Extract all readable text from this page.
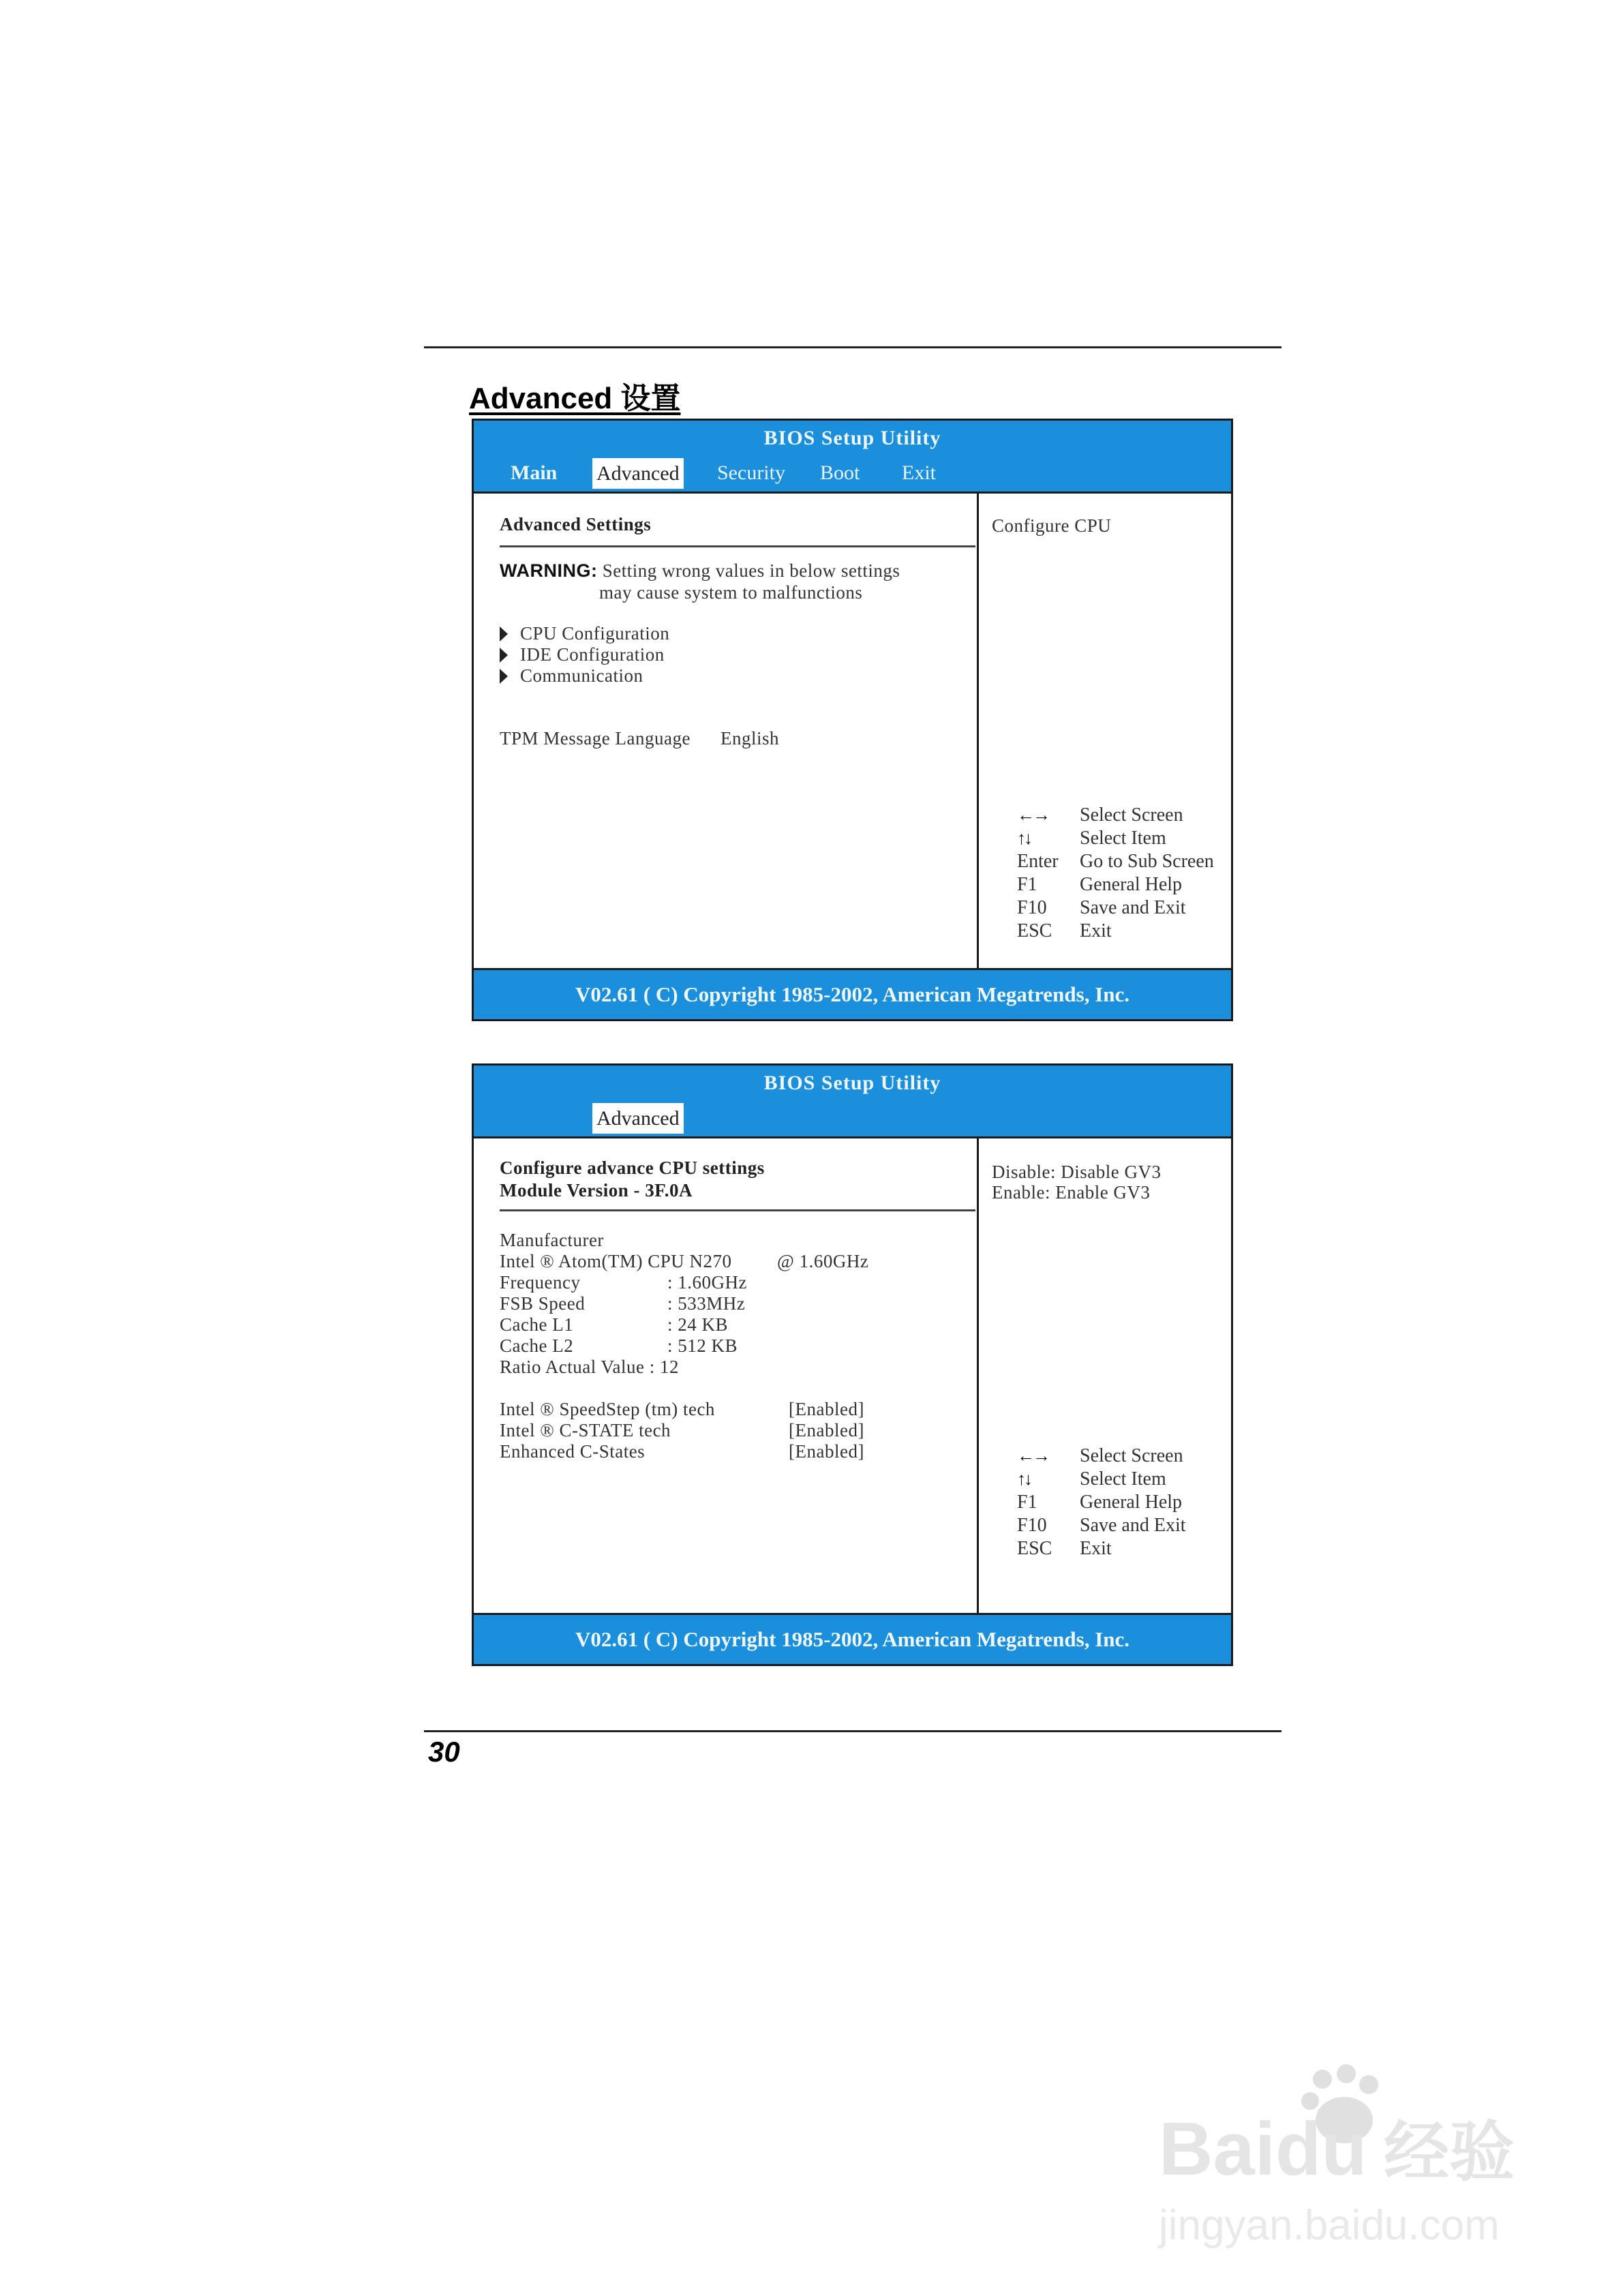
Advanced 设置
BIOS Setup Utility
Main Advanced Security Boot Exit
Advanced Settings
WARNING: Setting wrong values in below settings
may cause system to malfunctions
CPU Configuration
IDE Configuration
Communication
TPM Message Language English
Configure CPU
←→ Select Screen
↑↓	Select Item
Enter Go to Sub Screen
F1 General Help
F10 Save and Exit
ESC Exit
V02.61 ( C) Copyright 1985-2002, American Megatrends, Inc.
BIOS Setup Utility
Advanced
Configure advance CPU settings
Module Version - 3F.0A
Manufacturer
Intel ® Atom(TM) CPU N270 @ 1.60GHz
Frequency	: 1.60GHz
FSB Speed	: 533MHz
Cache L1	: 24 KB
Cache L2	: 512 KB
Ratio Actual Value : 12
Intel ® SpeedStep (tm) tech	[Enabled]
Intel ® C-STATE tech	[Enabled]
Enhanced C-States	[Enabled]
Disable: Disable GV3
Enable: Enable GV3
←→ Select Screen
↑↓	Select Item
F1 General Help
F10 Save and Exit
ESC Exit
V02.61 ( C) Copyright 1985-2002, American Megatrends, Inc.
30
Baidu 经验
jingyan.baidu.com
